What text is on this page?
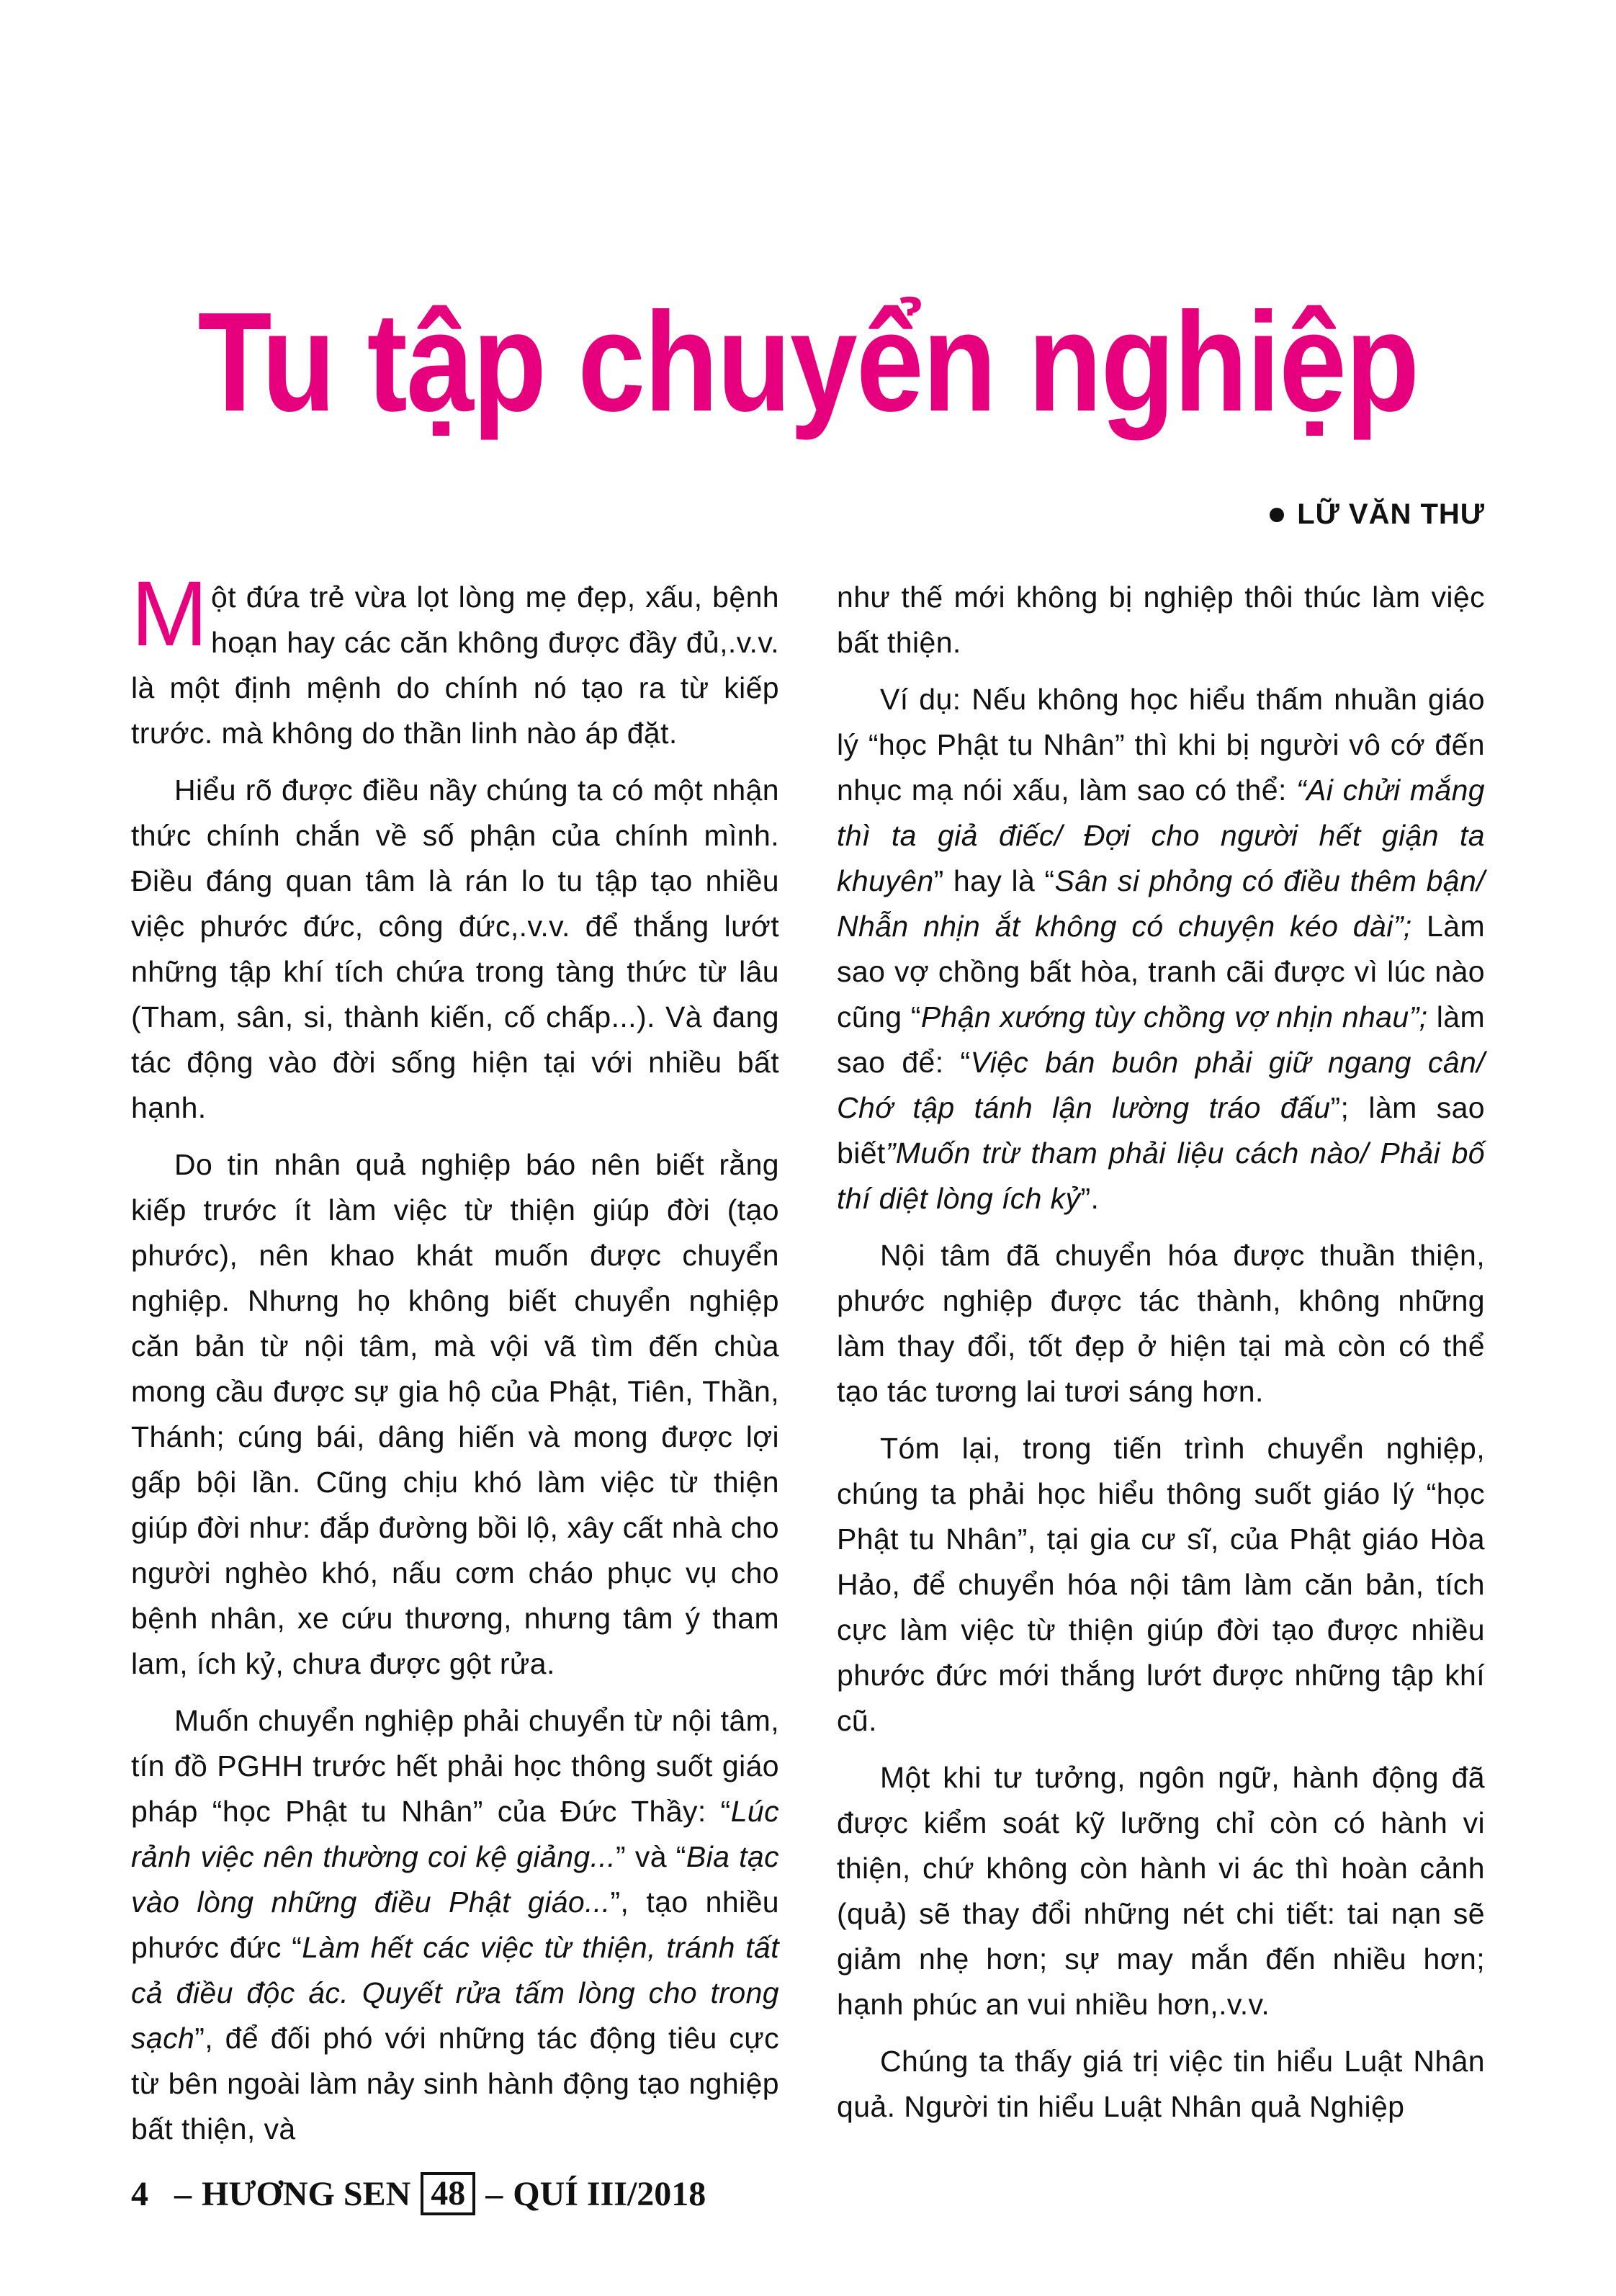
Tu tập chuyển nghiệp
LỮ VĂN THƯ

Một đứa trẻ vừa lọt lòng mẹ đẹp, xấu, bệnh hoạn hay các căn không được đầy đủ,.v.v. là một định mệnh do chính nó tạo ra từ kiếp trước. mà không do thần linh nào áp đặt.

Hiểu rõ được điều nầy chúng ta có một nhận thức chính chắn về số phận của chính mình. Điều đáng quan tâm là rán lo tu tập tạo nhiều việc phước đức, công đức,.v.v. để thắng lướt những tập khí tích chứa trong tàng thức từ lâu (Tham, sân, si, thành kiến, cố chấp...). Và đang tác động vào đời sống hiện tại với nhiều bất hạnh.

Do tin nhân quả nghiệp báo nên biết rằng kiếp trước ít làm việc từ thiện giúp đời (tạo phước), nên khao khát muốn được chuyển nghiệp. Nhưng họ không biết chuyển nghiệp căn bản từ nội tâm, mà vội vã tìm đến chùa mong cầu được sự gia hộ của Phật, Tiên, Thần, Thánh; cúng bái, dâng hiến và mong được lợi gấp bội lần. Cũng chịu khó làm việc từ thiện giúp đời như: đắp đường bồi lộ, xây cất nhà cho người nghèo khó, nấu cơm cháo phục vụ cho bệnh nhân, xe cứu thương, nhưng tâm ý tham lam, ích kỷ, chưa được gột rửa.

Muốn chuyển nghiệp phải chuyển từ nội tâm, tín đồ PGHH trước hết phải học thông suốt giáo pháp “học Phật tu Nhân” của Đức Thầy: “Lúc rảnh việc nên thường coi kệ giảng...” và “Bia tạc vào lòng những điều Phật giáo...”, tạo nhiều phước đức “Làm hết các việc từ thiện, tránh tất cả điều độc ác. Quyết rửa tấm lòng cho trong sạch”, để đối phó với những tác động tiêu cực từ bên ngoài làm nảy sinh hành động tạo nghiệp bất thiện, và

như thế mới không bị nghiệp thôi thúc làm việc bất thiện.

Ví dụ: Nếu không học hiểu thấm nhuần giáo lý “học Phật tu Nhân” thì khi bị người vô cớ đến nhục mạ nói xấu, làm sao có thể: “Ai chửi mắng thì ta giả điếc/ Đợi cho người hết giận ta khuyên” hay là “Sân si phỏng có điều thêm bận/ Nhẫn nhịn ắt không có chuyện kéo dài”; Làm sao vợ chồng bất hòa, tranh cãi được vì lúc nào cũng “Phận xướng tùy chồng vợ nhịn nhau”; làm sao để: “Việc bán buôn phải giữ ngang cân/ Chớ tập tánh lận lường tráo đấu”; làm sao biết”Muốn trừ tham phải liệu cách nào/ Phải bố thí diệt lòng ích kỷ”.

Nội tâm đã chuyển hóa được thuần thiện, phước nghiệp được tác thành, không những làm thay đổi, tốt đẹp ở hiện tại mà còn có thể tạo tác tương lai tươi sáng hơn.

Tóm lại, trong tiến trình chuyển nghiệp, chúng ta phải học hiểu thông suốt giáo lý “học Phật tu Nhân”, tại gia cư sĩ, của Phật giáo Hòa Hảo, để chuyển hóa nội tâm làm căn bản, tích cực làm việc từ thiện giúp đời tạo được nhiều phước đức mới thắng lướt được những tập khí cũ.

Một khi tư tưởng, ngôn ngữ, hành động đã được kiểm soát kỹ lưỡng chỉ còn có hành vi thiện, chứ không còn hành vi ác thì hoàn cảnh (quả) sẽ thay đổi những nét chi tiết: tai nạn sẽ giảm nhẹ hơn; sự may mắn đến nhiều hơn; hạnh phúc an vui nhiều hơn,.v.v.

Chúng ta thấy giá trị việc tin hiểu Luật Nhân quả. Người tin hiểu Luật Nhân quả Nghiệp

4 – HƯƠNG SEN 48 – QUÍ III/2018
